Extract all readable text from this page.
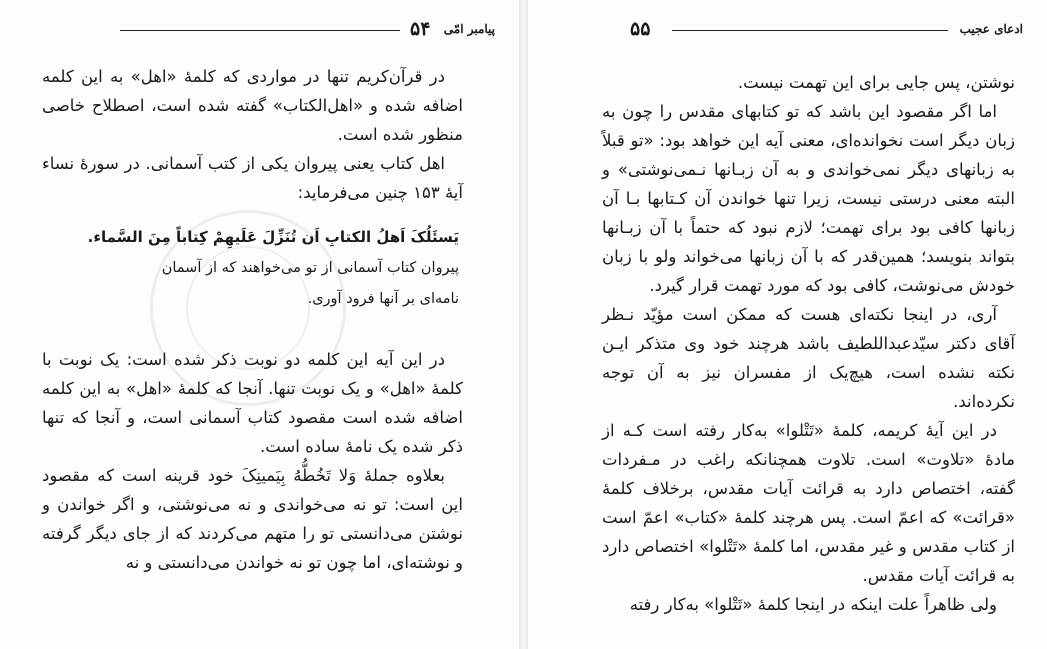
۵۴ پیامبر امّی

در قرآن‌کریم تنها در مواردی که کلمهٔ «اهل» به این کلمه اضافه شده و «اهل‌الکتاب» گفته شده است، اصطلاح خاصی منظور شده است.

اهل کتاب یعنی پیروان یکی از کتب آسمانی. در سورهٔ نساء آیهٔ ۱۵۳ چنین می‌فرماید:

یَسئَلُکَ اَهلُ الکتابِ اَن تُنَزِّلَ عَلَیهِمْ کِتاباً مِنَ السَّماء.

پیروان کتاب آسمانی از تو می‌خواهند که از آسمان

نامه‌ای بر آنها فرود آوری.

در این آیه این کلمه دو نوبت ذکر شده است: یک نوبت با کلمهٔ «اهل» و یک نوبت تنها. آنجا که کلمهٔ «اهل» به این کلمه اضافه شده است مقصود کتاب آسمانی است، و آنجا که تنها ذکر شده یک نامهٔ ساده است.

بعلاوه جملهٔ وَلا تَخُطُّهُ بِیَمینِکَ خود قرینه است که مقصود این است: تو نه می‌خواندی و نه می‌نوشتی، و اگر خواندن و نوشتن می‌دانستی تو را متهم می‌کردند که از جای دیگر گرفته و نوشته‌ای، اما چون تو نه خواندن می‌دانستی و نه

۵۵	ادعای عجیب

نوشتن، پس جایی برای این تهمت نیست.

اما اگر مقصود این باشد که تو کتابهای مقدس را چون به زبان دیگر است نخوانده‌ای، معنی آیه این خواهد بود: «تو قبلاً به زبانهای دیگر نمی‌خواندی و به آن زبـانها نـمی‌نوشتی» و البته معنی درستی نیست، زیرا تنها خواندن آن کـتابها بـا آن زبانها کافی بود برای تهمت؛ لازم نبود که حتماً با آن زبـانها بتواند بنویسد؛ همین‌قدر که با آن زبانها می‌خواند ولو با زبان خودش می‌نوشت، کافی بود که مورد تهمت قرار گیرد.

آری، در اینجا نکته‌ای هست که ممکن است مؤیّد نـظر آقای دکتر سیّدعبداللطیف باشد هرچند خود وی متذکر ایـن نکته نشده است، هیچ‌یک از مفسران نیز به آن توجه نکرده‌اند.

در این آیهٔ کریمه، کلمهٔ «تَتْلوا» به‌کار رفته است کـه از مادهٔ «تلاوت» است. تلاوت همچنانکه راغب در مـفردات گفته، اختصاص دارد به قرائت آیات مقدس، برخلاف کلمهٔ «قرائت» که اعمّ است. پس هرچند کلمهٔ «کتاب» اعمّ است از کتاب مقدس و غیر مقدس، اما کلمهٔ «تَتْلوا» اختصاص دارد به قرائت آیات مقدس.

ولی ظاهراً علت اینکه در اینجا کلمهٔ «تَتْلوا» به‌کار رفته
